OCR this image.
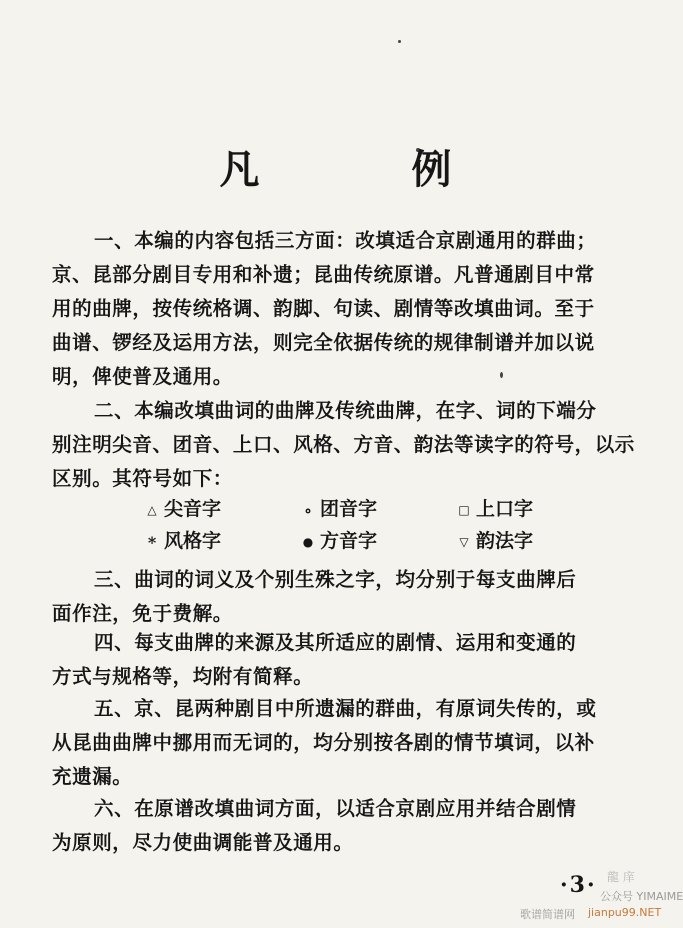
凡　例
一、本编的内容包括三方面：改填适合京剧通用的群曲；
京、昆部分剧目专用和补遗；昆曲传统原谱。凡普通剧目中常
用的曲牌，按传统格调、韵脚、句读、剧情等改填曲词。至于
曲谱、锣经及运用方法，则完全依据传统的规律制谱并加以说
明，俾使普及通用。
二、本编改填曲词的曲牌及传统曲牌，在字、词的下端分
别注明尖音、团音、上口、风格、方音、韵法等读字的符号，以示
区别。其符号如下：
△ 尖音字	∘ 团音字	□ 上口字
* 风格字	● 方音字	▽ 韵法字
三、曲词的词义及个别生殊之字，均分别于每支曲牌后
面作注，免于费解。
四、每支曲牌的来源及其所适应的剧情、运用和变通的
方式与规格等，均附有简释。
五、京、昆两种剧目中所遗漏的群曲，有原词失传的，或
从昆曲曲牌中挪用而无词的，均分别按各剧的情节填词，以补
充遗漏。
六、在原谱改填曲词方面，以适合京剧应用并结合剧情
为原则，尽力使曲调能普及通用。
·3· 龍 庠
公众号 YIMAIME
歌谱简谱网 jianpu99.NET
